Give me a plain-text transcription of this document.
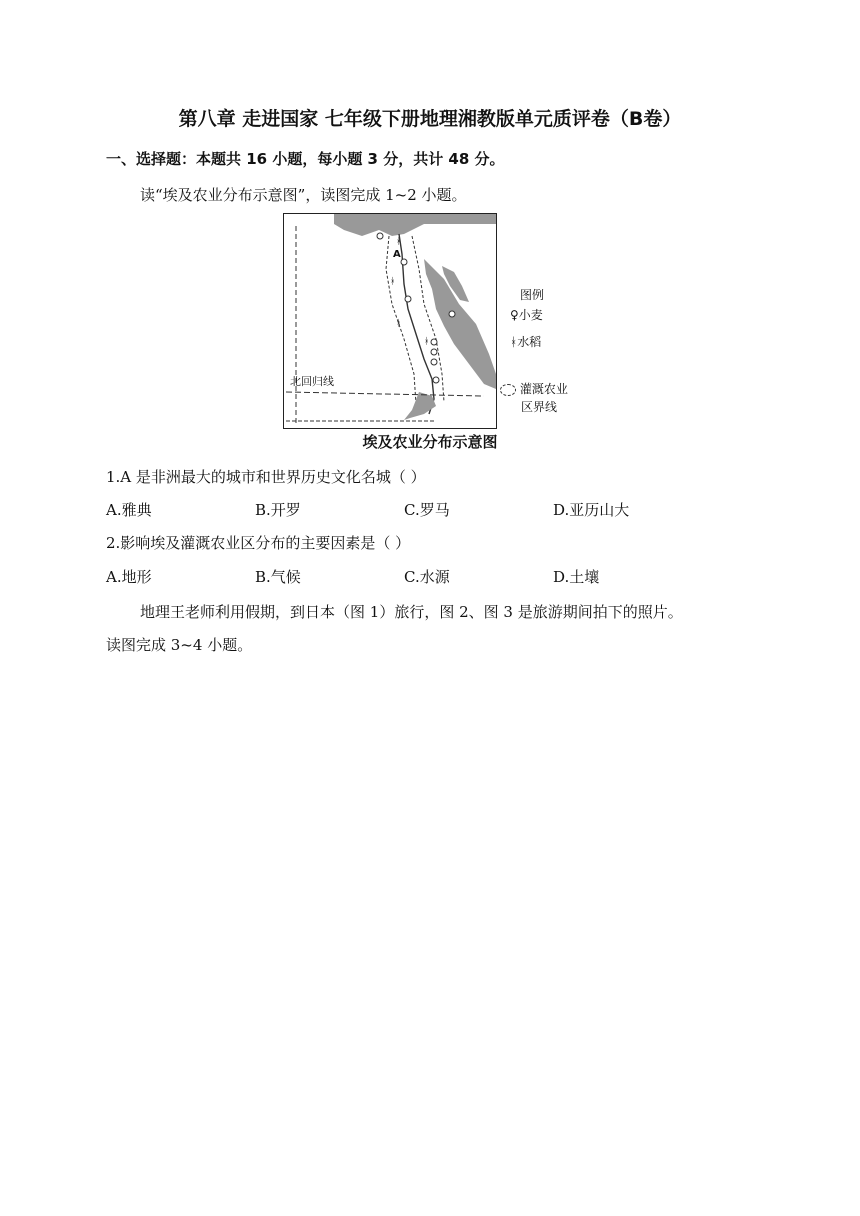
第八章 走进国家 七年级下册地理湘教版单元质评卷（B卷）
一、选择题：本题共 16 小题，每小题 3 分，共计 48 分。
读“埃及农业分布示意图”，读图完成 1~2 小题。
ᚼ
ᚼ
ᚼ
ᚼ
A
北回归线
图例
♀小麦
ᚼ水稻
灌溉农业
区界线
埃及农业分布示意图
1.A 是非洲最大的城市和世界历史文化名城（ ）
A.雅典	B.开罗	C.罗马	D.亚历山大
2.影响埃及灌溉农业区分布的主要因素是（ ）
A.地形	B.气候	C.水源	D.土壤
地理王老师利用假期，到日本（图 1）旅行，图 2、图 3 是旅游期间拍下的照片。
读图完成 3~4 小题。
